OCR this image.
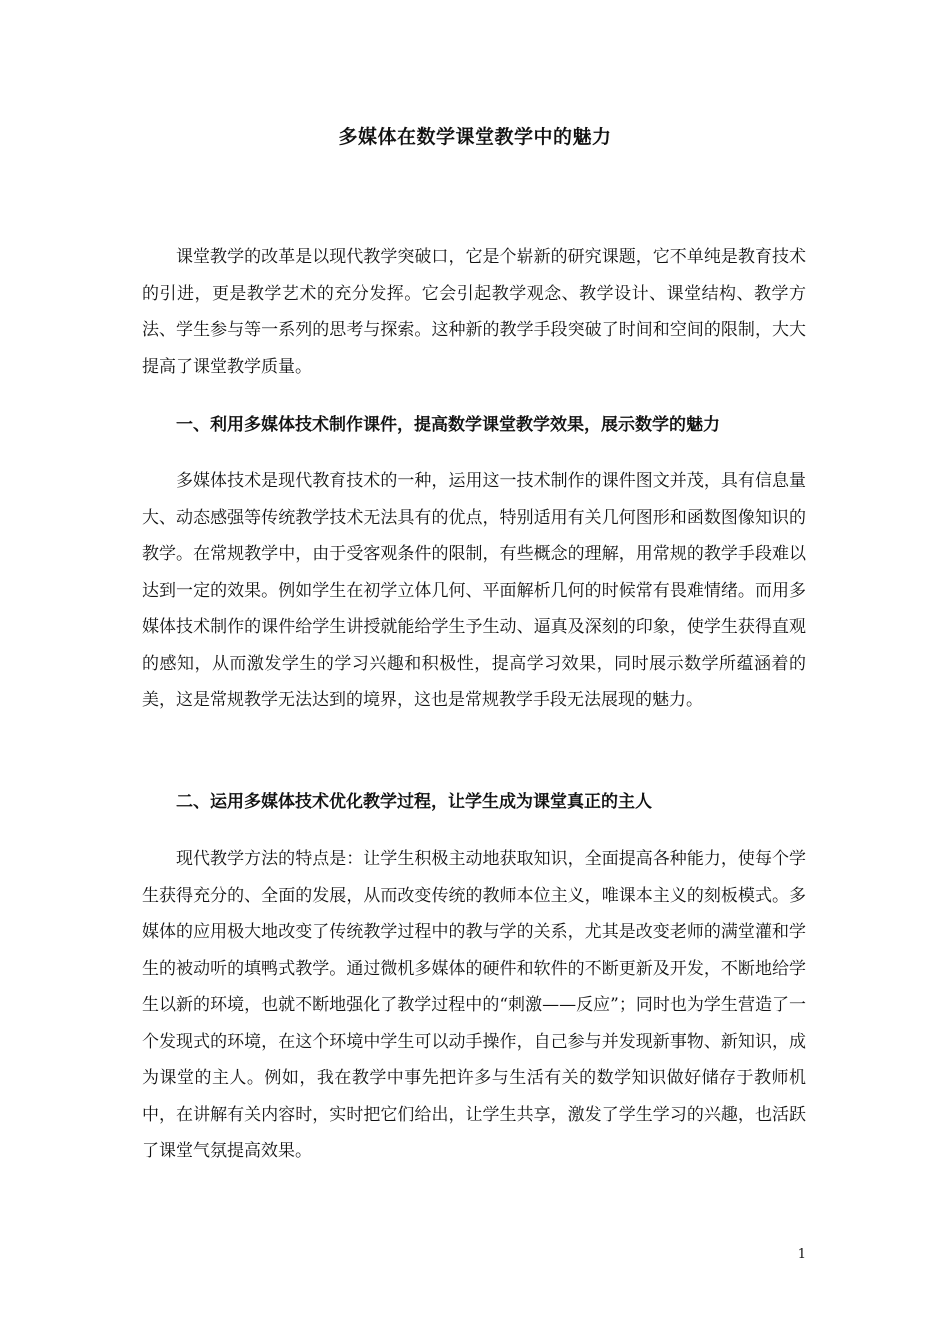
多媒体在数学课堂教学中的魅力

课堂教学的改革是以现代教学突破口，它是个崭新的研究课题，它不单纯是教育技术的引进，更是教学艺术的充分发挥。它会引起教学观念、教学设计、课堂结构、教学方法、学生参与等一系列的思考与探索。这种新的教学手段突破了时间和空间的限制，大大提高了课堂教学质量。

一、利用多媒体技术制作课件，提高数学课堂教学效果，展示数学的魅力

多媒体技术是现代教育技术的一种，运用这一技术制作的课件图文并茂，具有信息量大、动态感强等传统教学技术无法具有的优点，特别适用有关几何图形和函数图像知识的教学。在常规教学中，由于受客观条件的限制，有些概念的理解，用常规的教学手段难以达到一定的效果。例如学生在初学立体几何、平面解析几何的时候常有畏难情绪。而用多媒体技术制作的课件给学生讲授就能给学生予生动、逼真及深刻的印象，使学生获得直观的感知，从而激发学生的学习兴趣和积极性，提高学习效果，同时展示数学所蕴涵着的美，这是常规教学无法达到的境界，这也是常规教学手段无法展现的魅力。

二、运用多媒体技术优化教学过程，让学生成为课堂真正的主人

现代教学方法的特点是：让学生积极主动地获取知识，全面提高各种能力，使每个学生获得充分的、全面的发展，从而改变传统的教师本位主义，唯课本主义的刻板模式。多媒体的应用极大地改变了传统教学过程中的教与学的关系，尤其是改变老师的满堂灌和学生的被动听的填鸭式教学。通过微机多媒体的硬件和软件的不断更新及开发，不断地给学生以新的环境，也就不断地强化了教学过程中的“刺激——反应”；同时也为学生营造了一个发现式的环境，在这个环境中学生可以动手操作，自己参与并发现新事物、新知识，成为课堂的主人。例如，我在教学中事先把许多与生活有关的数学知识做好储存于教师机中，在讲解有关内容时，实时把它们给出，让学生共享，激发了学生学习的兴趣，也活跃了课堂气氛提高效果。

1
